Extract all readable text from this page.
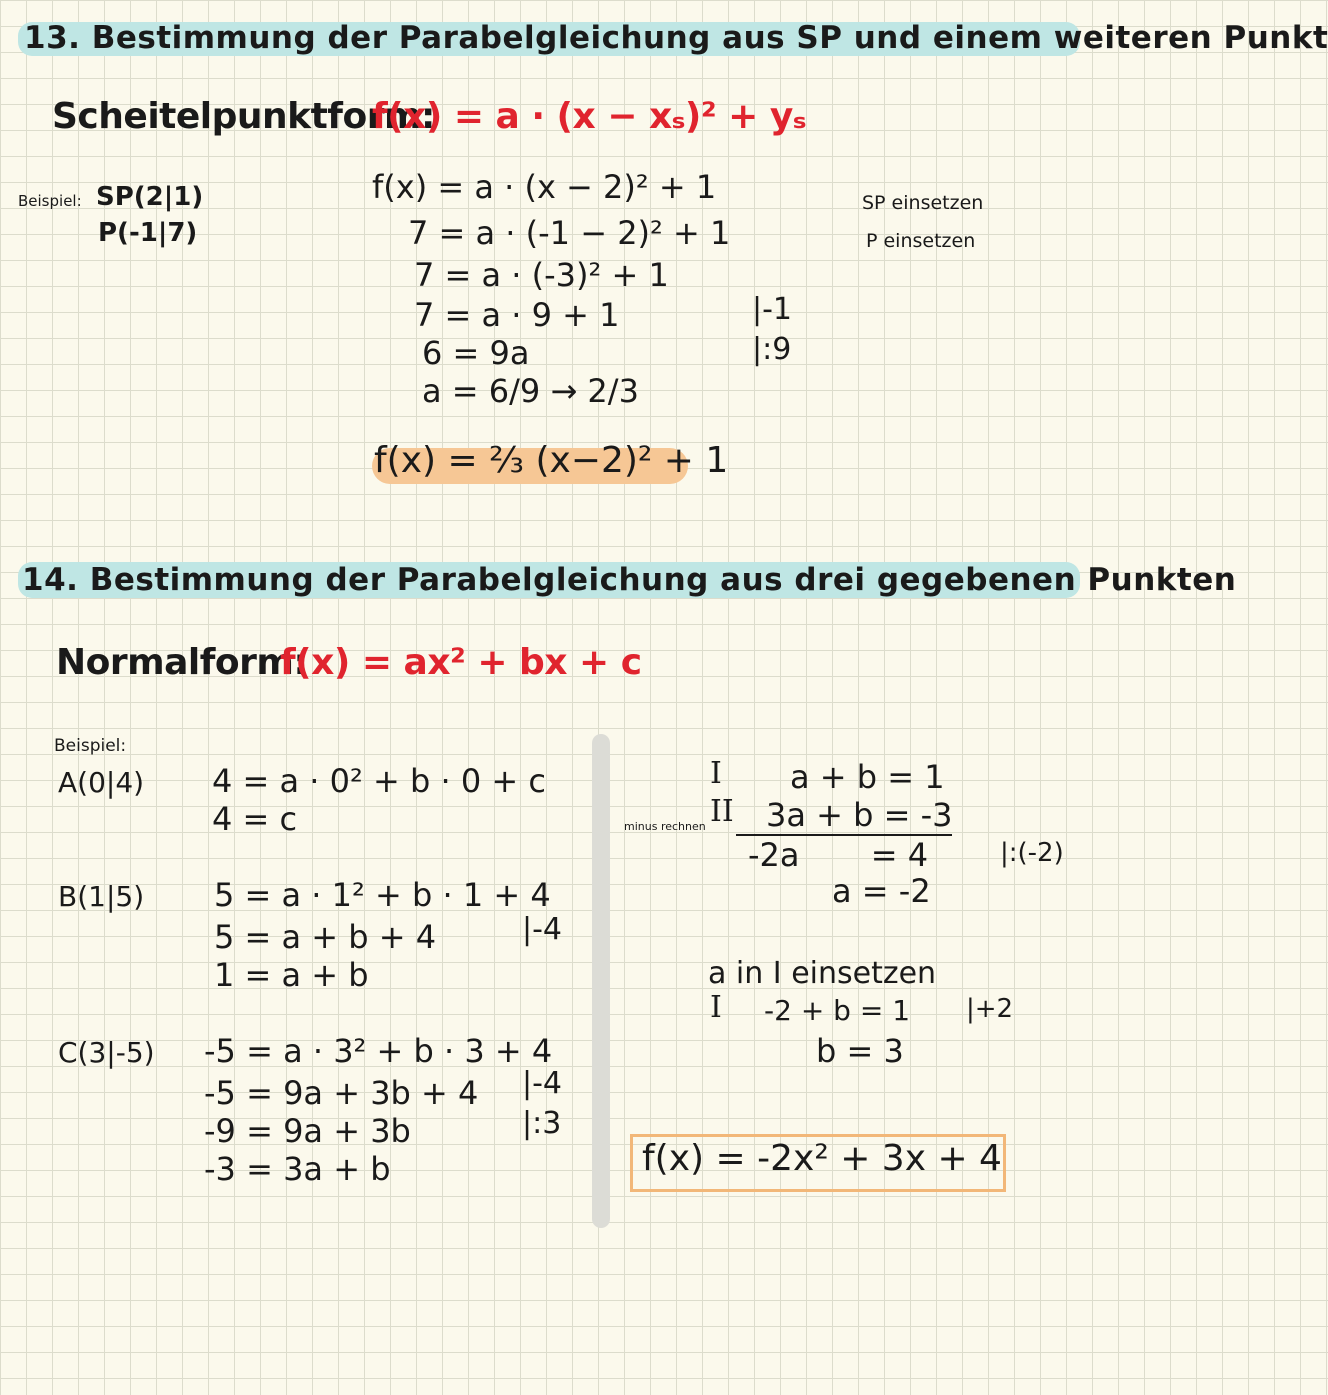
13. Bestimmung der Parabelgleichung aus SP und einem weiteren Punkt
Scheitelpunktform:
f(x) = a · (x − xₛ)² + yₛ
Beispiel: SP(2|1)
P(-1|7)
f(x) = a · (x − 2)² + 1
7 = a · (-1 − 2)² + 1
7 = a · (-3)² + 1
7 = a · 9 + 1
6 = 9a
a = 6/9 → 2/3
SP einsetzen
P einsetzen
|-1
|:9
f(x) = ⅔ (x−2)² + 1
14. Bestimmung der Parabelgleichung aus drei gegebenen Punkten
Normalform:
f(x) = ax² + bx + c
Beispiel:
A(0|4) 4 = a · 0² + b · 0 + c
4 = c
B(1|5) 5 = a · 1² + b · 1 + 4
5 = a + b + 4
1 = a + b
|-4
C(3|-5) -5 = a · 3² + b · 3 + 4
-5 = 9a + 3b + 4
-9 = 9a + 3b
-3 = 3a + b
|-4
|:3
minus rechnen
I a + b = 1
II 3a + b = -3
-2a       = 4	|:(-2)
a = -2
a in I einsetzen
I -2 + b = 1 |+2
b = 3
f(x) = -2x² + 3x + 4
